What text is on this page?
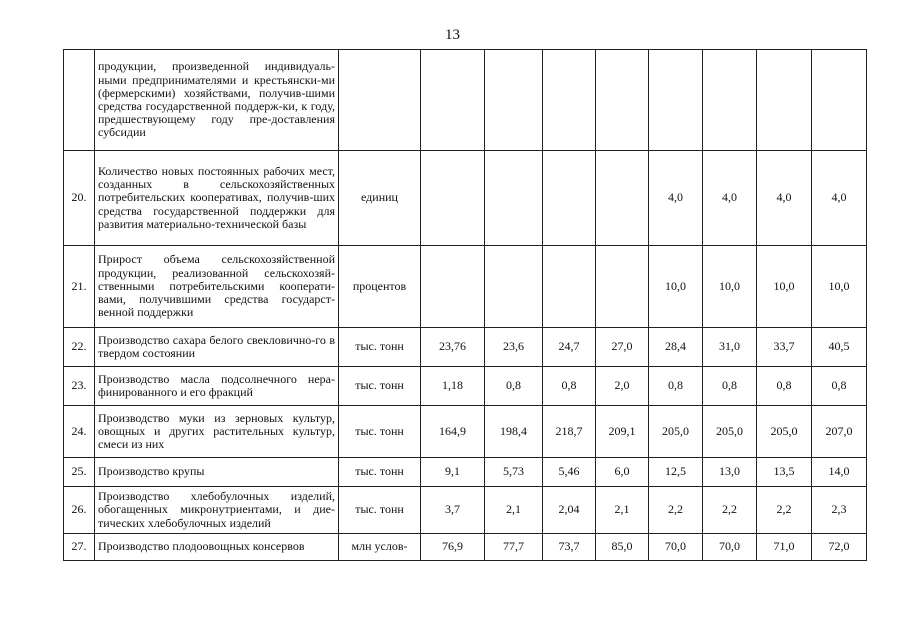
13
	продукции, произведенной индивидуаль-ными предпринимателями и крестьянски-ми (фермерскими) хозяйствами, получив-шими средства государственной поддерж-ки, к году, предшествующему году пре-доставления субсидии									
20.	Количество новых постоянных рабочих мест, созданных в сельскохозяйственных потребительских кооперативах, получив-ших средства государственной поддержки для развития материально-технической базы	единиц					4,0	4,0	4,0	4,0
21.	Прирост объема сельскохозяйственной продукции, реализованной сельскохозяй-ственными потребительскими кооперати-вами, получившими средства государст-венной поддержки	процентов					10,0	10,0	10,0	10,0
22.	Производство сахара белого свекловично-го в твердом состоянии	тыс. тонн	23,76	23,6	24,7	27,0	28,4	31,0	33,7	40,5
23.	Производство масла подсолнечного нера-финированного и его фракций	тыс. тонн	1,18	0,8	0,8	2,0	0,8	0,8	0,8	0,8
24.	Производство муки из зерновых культур, овощных и других растительных культур, смеси из них	тыс. тонн	164,9	198,4	218,7	209,1	205,0	205,0	205,0	207,0
25.	Производство крупы	тыс. тонн	9,1	5,73	5,46	6,0	12,5	13,0	13,5	14,0
26.	Производство хлебобулочных изделий, обогащенных микронутриентами, и дие-тических хлебобулочных изделий	тыс. тонн	3,7	2,1	2,04	2,1	2,2	2,2	2,2	2,3
27.	Производство плодоовощных консервов	млн услов-	76,9	77,7	73,7	85,0	70,0	70,0	71,0	72,0
